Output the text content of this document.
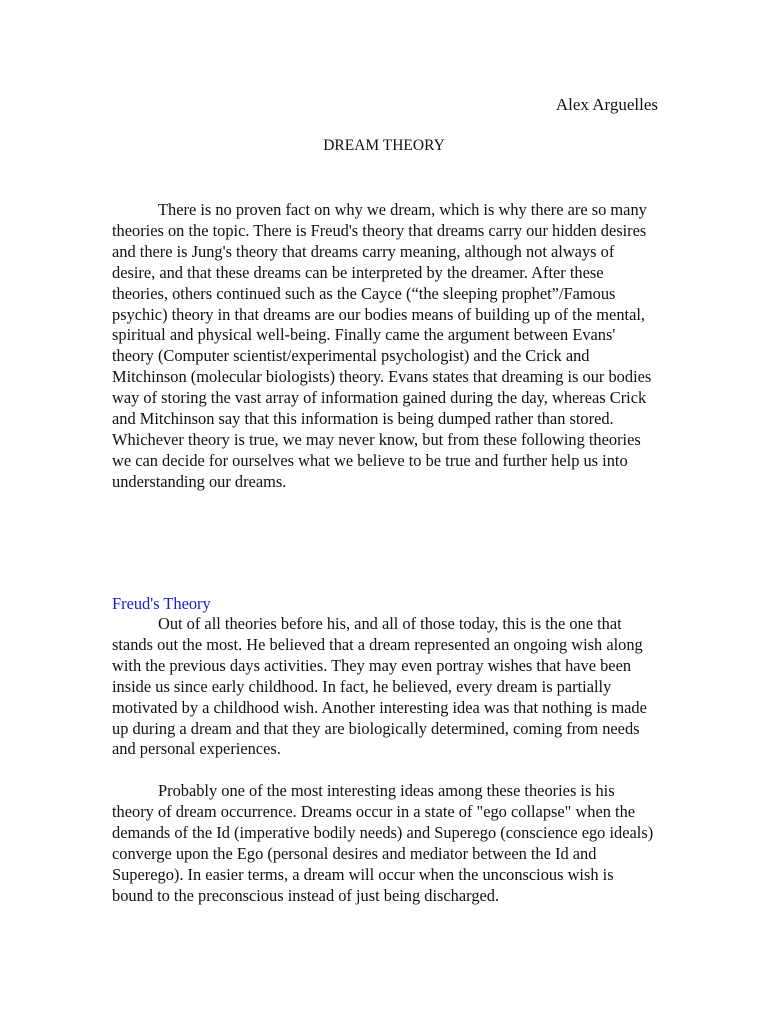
Alex Arguelles

DREAM THEORY

There is no proven fact on why we dream, which is why there are so many theories on the topic. There is Freud's theory that dreams carry our hidden desires and there is Jung's theory that dreams carry meaning, although not always of desire, and that these dreams can be interpreted by the dreamer. After these theories, others continued such as the Cayce (“the sleeping prophet”/Famous psychic) theory in that dreams are our bodies means of building up of the mental, spiritual and physical well-being. Finally came the argument between Evans' theory (Computer scientist/experimental psychologist) and the Crick and Mitchinson (molecular biologists) theory. Evans states that dreaming is our bodies way of storing the vast array of information gained during the day, whereas Crick and Mitchinson say that this information is being dumped rather than stored. Whichever theory is true, we may never know, but from these following theories we can decide for ourselves what we believe to be true and further help us into understanding our dreams.

Freud's Theory

Out of all theories before his, and all of those today, this is the one that stands out the most. He believed that a dream represented an ongoing wish along with the previous days activities. They may even portray wishes that have been inside us since early childhood. In fact, he believed, every dream is partially motivated by a childhood wish. Another interesting idea was that nothing is made up during a dream and that they are biologically determined, coming from needs and personal experiences.

Probably one of the most interesting ideas among these theories is his theory of dream occurrence. Dreams occur in a state of "ego collapse" when the demands of the Id (imperative bodily needs) and Superego (conscience ego ideals) converge upon the Ego (personal desires and mediator between the Id and Superego). In easier terms, a dream will occur when the unconscious wish is bound to the preconscious instead of just being discharged.
